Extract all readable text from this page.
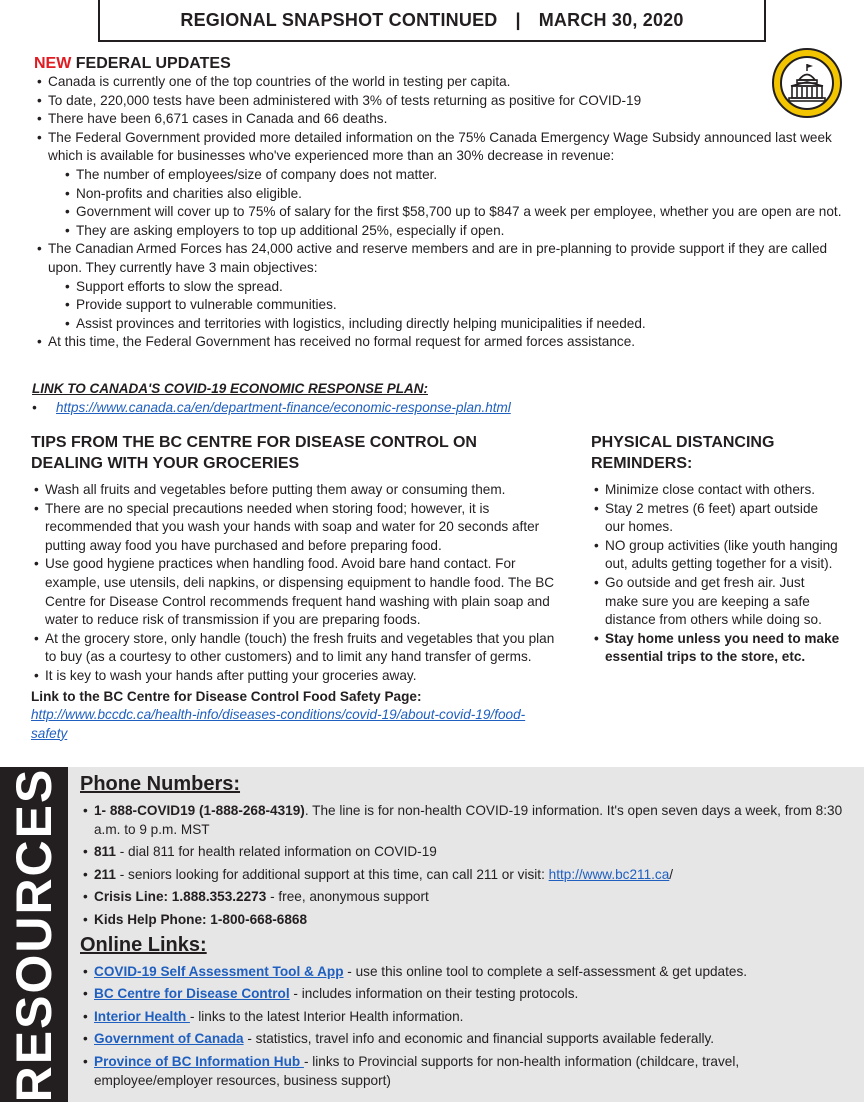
REGIONAL SNAPSHOT CONTINUED | MARCH 30, 2020

NEW FEDERAL UPDATES

• Canada is currently one of the top countries of the world in testing per capita.
• To date, 220,000 tests have been administered with 3% of tests returning as positive for COVID-19
• There have been 6,671 cases in Canada and 66 deaths.
• The Federal Government provided more detailed information on the 75% Canada Emergency Wage Subsidy announced last week which is available for businesses who've experienced more than an 30% decrease in revenue:
• The number of employees/size of company does not matter.
• Non-profits and charities also eligible.
• Government will cover up to 75% of salary for the first $58,700 up to $847 a week per employee, whether you are open are not.
• They are asking employers to top up additional 25%, especially if open.
• The Canadian Armed Forces has 24,000 active and reserve members and are in pre-planning to provide support if they are called upon. They currently have 3 main objectives:
• Support efforts to slow the spread.
• Provide support to vulnerable communities.
• Assist provinces and territories with logistics, including directly helping municipalities if needed.
• At this time, the Federal Government has received no formal request for armed forces assistance.
LINK TO CANADA'S COVID-19 ECONOMIC RESPONSE PLAN:
• https://www.canada.ca/en/department-finance/economic-response-plan.html

TIPS FROM THE BC CENTRE FOR DISEASE CONTROL ON
DEALING WITH YOUR GROCERIES

• Wash all fruits and vegetables before putting them away or consuming them.
• There are no special precautions needed when storing food; however, it is recommended that you wash your hands with soap and water for 20 seconds after putting away food you have purchased and before preparing food.
• Use good hygiene practices when handling food. Avoid bare hand contact. For example, use utensils, deli napkins, or dispensing equipment to handle food. The BC Centre for Disease Control recommends frequent hand washing with plain soap and water to reduce risk of transmission if you are preparing foods.
• At the grocery store, only handle (touch) the fresh fruits and vegetables that you plan to buy (as a courtesy to other customers) and to limit any hand transfer of germs.
• It is key to wash your hands after putting your groceries away.
Link to the BC Centre for Disease Control Food Safety Page: http://www.bccdc.ca/health-info/diseases-conditions/covid-19/about-covid-19/food-safety

PHYSICAL DISTANCING
REMINDERS:

• Minimize close contact with others.
• Stay 2 metres (6 feet) apart outside our homes.
• NO group activities (like youth hanging out, adults getting together for a visit).
• Go outside and get fresh air. Just make sure you are keeping a safe distance from others while doing so.
• Stay home unless you need to make essential trips to the store, etc.
RESOURCES Phone Numbers:

• 1- 888-COVID19 (1-888-268-4319). The line is for non-health COVID-19 information. It's open seven days a week, from 8:30 a.m. to 9 p.m. MST
• 811 - dial 811 for health related information on COVID-19
• 211 - seniors looking for additional support at this time, can call 211 or visit: http://www.bc211.ca/
• Crisis Line: 1.888.353.2273 - free, anonymous support
• Kids Help Phone: 1-800-668-6868

Online Links:

• COVID-19 Self Assessment Tool & App - use this online tool to complete a self-assessment & get updates.
• BC Centre for Disease Control - includes information on their testing protocols.
• Interior Health - links to the latest Interior Health information.
• Government of Canada - statistics, travel info and economic and financial supports available federally.
• Province of BC Information Hub - links to Provincial supports for non-health information (childcare, travel, employee/employer resources, business support)
